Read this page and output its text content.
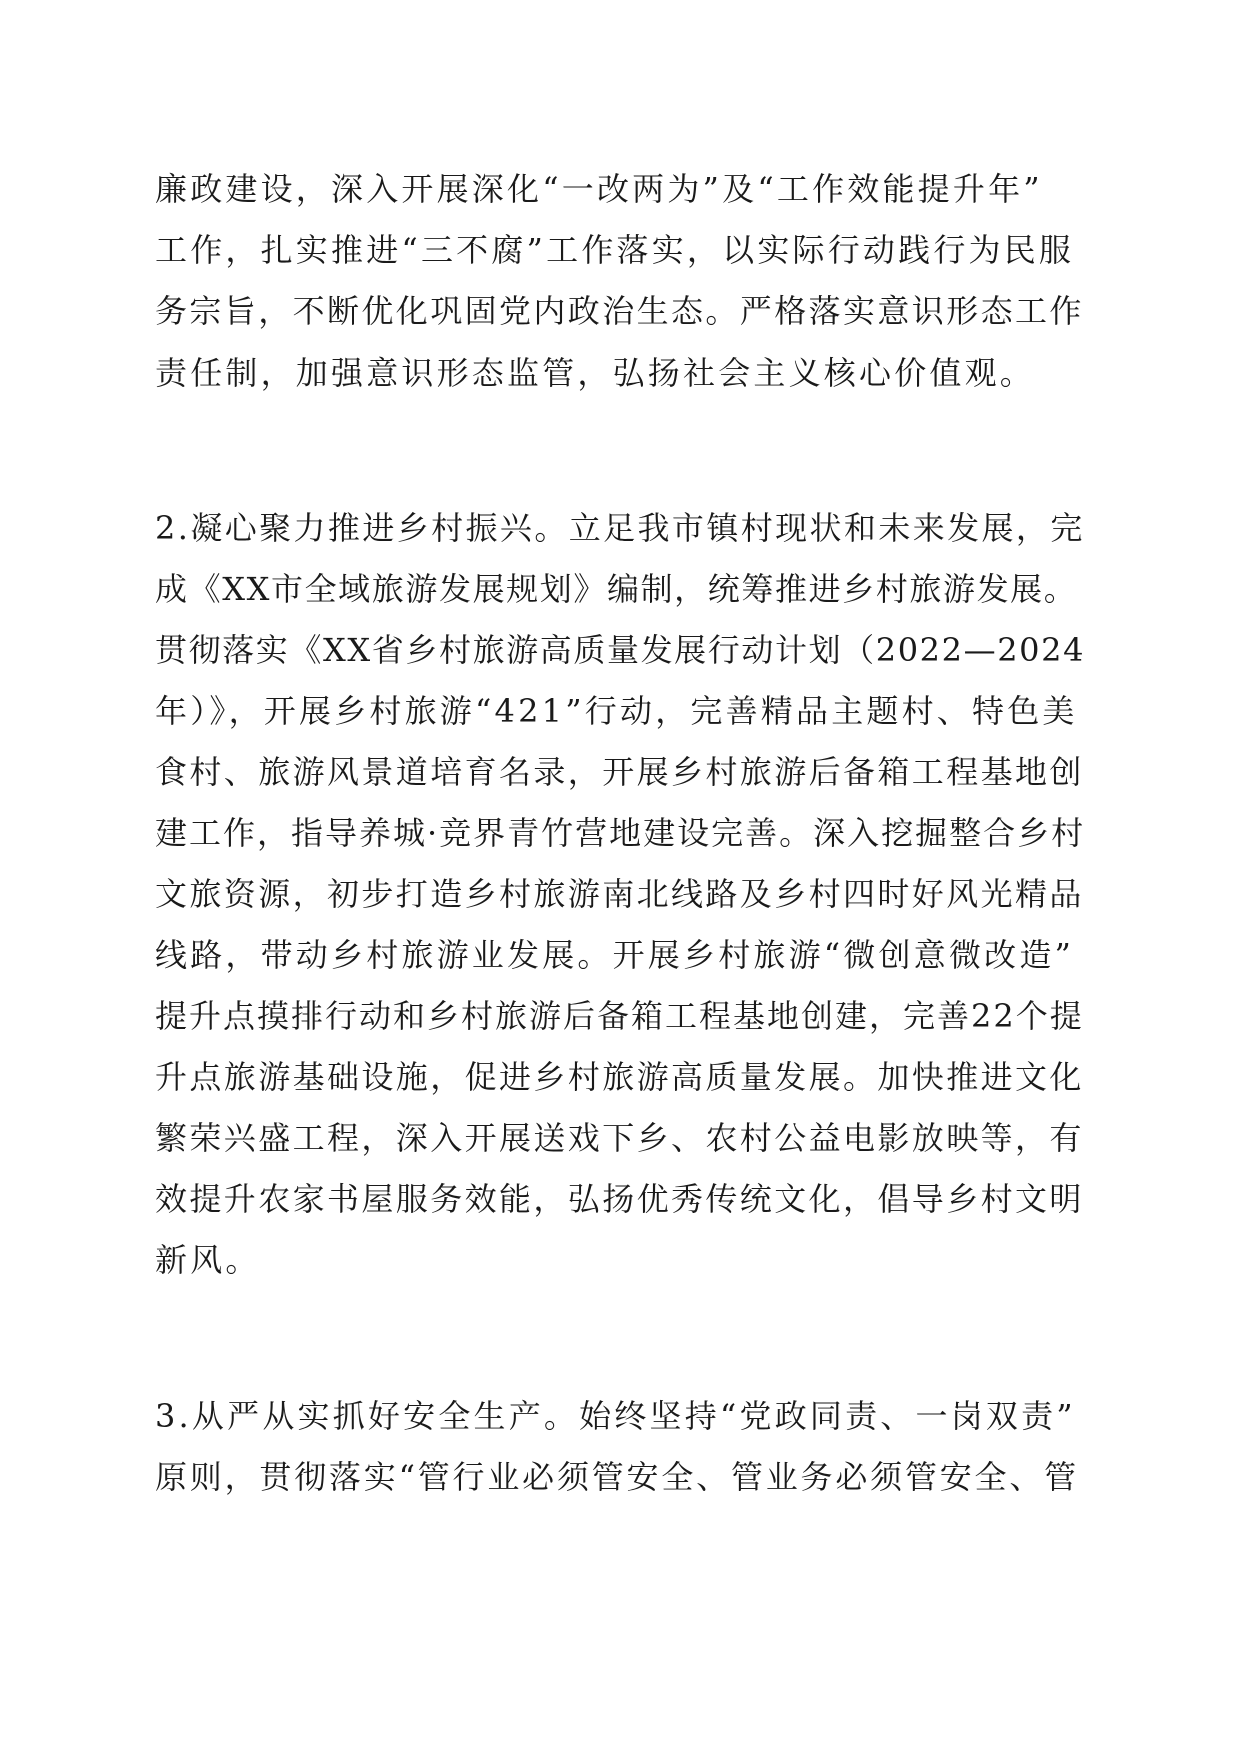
廉政建设，深入开展深化“一改两为”及“工作效能提升年”
工作，扎实推进“三不腐”工作落实，以实际行动践行为民服
务宗旨，不断优化巩固党内政治生态。严格落实意识形态工作
责任制，加强意识形态监管，弘扬社会主义核心价值观。
2.凝心聚力推进乡村振兴。立足我市镇村现状和未来发展，完
成《XX市全域旅游发展规划》编制，统筹推进乡村旅游发展。
贯彻落实《XX省乡村旅游高质量发展行动计划（2022—2024
年）》，开展乡村旅游“421”行动，完善精品主题村、特色美
食村、旅游风景道培育名录，开展乡村旅游后备箱工程基地创
建工作，指导养城·竞界青竹营地建设完善。深入挖掘整合乡村
文旅资源，初步打造乡村旅游南北线路及乡村四时好风光精品
线路，带动乡村旅游业发展。开展乡村旅游“微创意微改造”
提升点摸排行动和乡村旅游后备箱工程基地创建，完善22个提
升点旅游基础设施，促进乡村旅游高质量发展。加快推进文化
繁荣兴盛工程，深入开展送戏下乡、农村公益电影放映等，有
效提升农家书屋服务效能，弘扬优秀传统文化，倡导乡村文明
新风。
3.从严从实抓好安全生产。始终坚持“党政同责、一岗双责”
原则，贯彻落实“管行业必须管安全、管业务必须管安全、管
